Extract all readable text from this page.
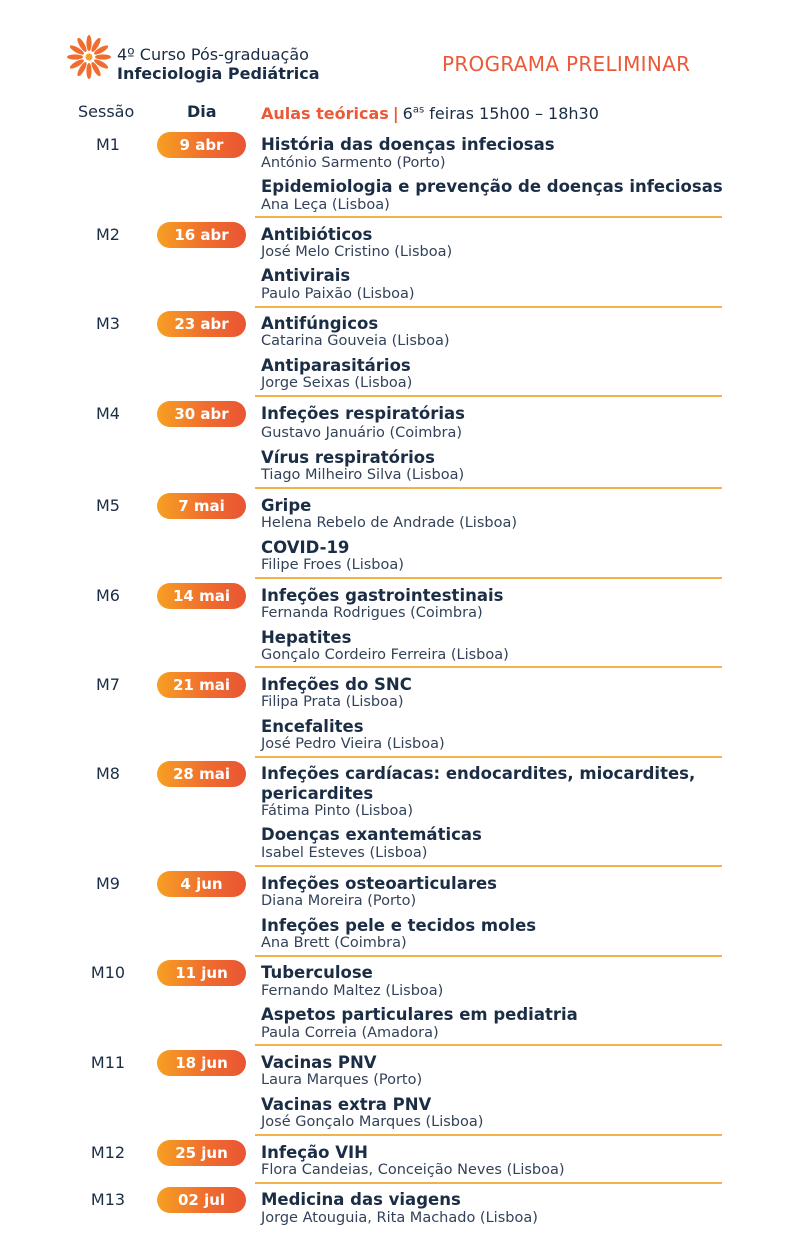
4º Curso Pós-graduação
Infeciologia Pediátrica	PROGRAMA PRELIMINAR
Sessão	Dia	Aulas teóricas | $6^{as}$ feiras 15h00 – 18h30
M1	9 abr	História das doenças infeciosas
António Sarmento (Porto)
Epidemiologia e prevenção de doenças infeciosas
Ana Leça (Lisboa)
M2	16 abr	Antibióticos
José Melo Cristino (Lisboa)
Antivirais
Paulo Paixão (Lisboa)
M3	23 abr	Antifúngicos
Catarina Gouveia (Lisboa)
Antiparasitários
Jorge Seixas (Lisboa)
M4	30 abr	Infeções respiratórias
Gustavo Januário (Coimbra)
Vírus respiratórios
Tiago Milheiro Silva (Lisboa)
M5	7 mai	Gripe
Helena Rebelo de Andrade (Lisboa)
COVID-19
Filipe Froes (Lisboa)
M6	14 mai	Infeções gastrointestinais
Fernanda Rodrigues (Coimbra)
Hepatites
Gonçalo Cordeiro Ferreira (Lisboa)
M7	21 mai	Infeções do SNC
Filipa Prata (Lisboa)
Encefalites
José Pedro Vieira (Lisboa)
M8	28 mai	Infeções cardíacas: endocardites, miocardites, pericardites
Fátima Pinto (Lisboa)
Doenças exantemáticas
Isabel Esteves (Lisboa)
M9	4 jun	Infeções osteoarticulares
Diana Moreira (Porto)
Infeções pele e tecidos moles
Ana Brett (Coimbra)
M10	11 jun	Tuberculose
Fernando Maltez (Lisboa)
Aspetos particulares em pediatria
Paula Correia (Amadora)
M11	18 jun	Vacinas PNV
Laura Marques (Porto)
Vacinas extra PNV
José Gonçalo Marques (Lisboa)
M12	25 jun	Infeção VIH
Flora Candeias, Conceição Neves (Lisboa)
M13	02 jul	Medicina das viagens
Jorge Atouguia, Rita Machado (Lisboa)
